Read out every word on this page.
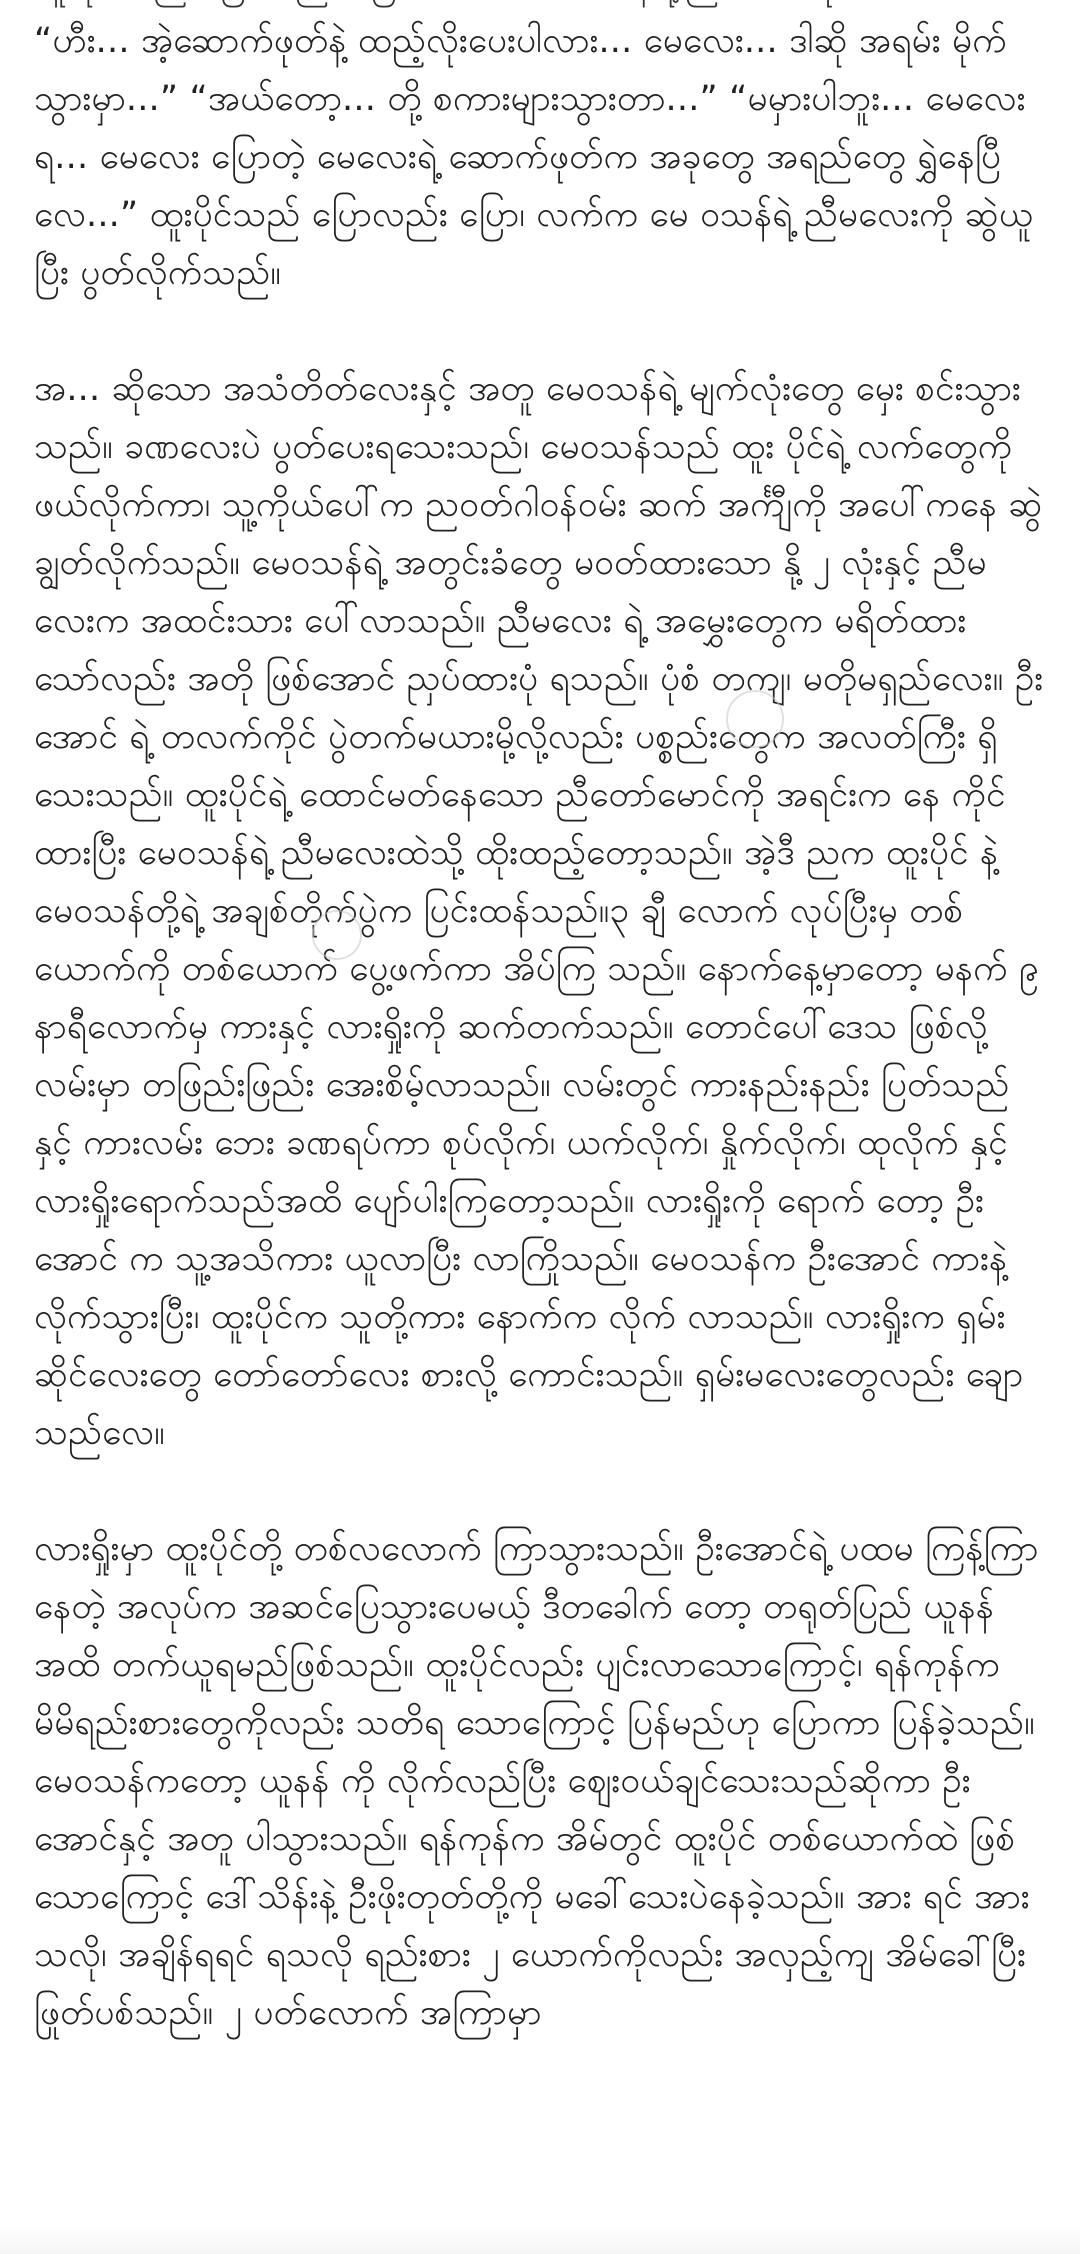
“ဟီး... အဲ့ဆောက်ဖုတ်နဲ့ ထည့်လိုးပေးပါလား... မေလေး... ဒါဆို အရမ်း မိုက်သွားမှာ...” “အယ်တော့... တို့ စကားများသွားတာ...” “မမှားပါဘူး... မေလေးရ... မေလေး ပြောတဲ့ မေလေးရဲ့ ဆောက်ဖုတ်က အခုတွေ အရည်တွေ ရွှဲနေပြီလေ...” ထူးပိုင်သည် ပြောလည်း ပြော၊ လက်က မေ ဝသန်ရဲ့ ညီမလေးကို ဆွဲယူပြီး ပွတ်လိုက်သည်။

အ... ဆိုသော အသံတိတ်လေးနှင့် အတူ မေဝသန်ရဲ့ မျက်လုံးတွေ မှေး စင်းသွားသည်။ ခဏလေးပဲ ပွတ်ပေးရသေးသည်၊ မေဝသန်သည် ထူး ပိုင်ရဲ့ လက်တွေကို ဖယ်လိုက်ကာ၊ သူ့ကိုယ်ပေါ်က ညဝတ်ဂါဝန်ဝမ်း ဆက် အင်္ကျီကို အပေါ်ကနေ ဆွဲချွတ်လိုက်သည်။ မေဝသန်ရဲ့ အတွင်းခံတွေ မဝတ်ထားသော နို့ ၂ လုံးနှင့် ညီမလေးက အထင်းသား ပေါ်လာသည်။ ညီမလေး ရဲ့ အမွှေးတွေက မရိတ်ထားသော်လည်း အတို ဖြစ်အောင် ညှပ်ထားပုံ ရသည်။ ပုံစံ တကျ၊ မတိုမရှည်လေး။ ဦးအောင် ရဲ့ တလက်ကိုင် ပွဲတက်မယားမို့လို့လည်း ပစ္စည်းတွေက အလတ်ကြီး ရှိ သေးသည်။ ထူးပိုင်ရဲ့ ထောင်မတ်နေသော ညီတော်မောင်ကို အရင်းက နေ ကိုင်ထားပြီး မေဝသန်ရဲ့ ညီမလေးထဲသို့ ထိုးထည့်တော့သည်။ အဲ့ဒီ ညက ထူးပိုင် နဲ့ မေဝသန်တို့ရဲ့ အချစ်တိုက်ပွဲက ပြင်းထန်သည်။၃ ချီ လောက် လုပ်ပြီးမှ တစ်ယောက်ကို တစ်ယောက် ပွေ့ဖက်ကာ အိပ်ကြ သည်။ နောက်နေ့မှာတော့ မနက် ၉ နာရီလောက်မှ ကားနှင့် လားရှိုးကို ဆက်တက်သည်။ တောင်ပေါ်ဒေသ ဖြစ်လို့ လမ်းမှာ တဖြည်းဖြည်း အေးစိမ့်လာသည်။ လမ်းတွင် ကားနည်းနည်း ပြတ်သည်နှင့် ကားလမ်း ဘေး ခဏရပ်ကာ စုပ်လိုက်၊ ယက်လိုက်၊ နှိုက်လိုက်၊ ထုလိုက် နှင့် လားရှိုးရောက်သည်အထိ ပျော်ပါးကြတော့သည်။ လားရှိုးကို ရောက် တော့ ဦးအောင် က သူ့အသိကား ယူလာပြီး လာကြိုသည်။ မေဝသန်က ဦးအောင် ကားနဲ့ လိုက်သွားပြီး၊ ထူးပိုင်က သူတို့ကား နောက်က လိုက် လာသည်။ လားရှိုးက ရှမ်းဆိုင်လေးတွေ တော်တော်လေး စားလို့ ကောင်းသည်။ ရှမ်းမလေးတွေလည်း ချောသည်လေ။

လားရှိုးမှာ ထူးပိုင်တို့ တစ်လလောက် ကြာသွားသည်။ ဦးအောင်ရဲ့ ပထမ ကြန့်ကြာနေတဲ့ အလုပ်က အဆင်ပြေသွားပေမယ့် ဒီတခေါက် တော့ တရုတ်ပြည် ယူနန်အထိ တက်ယူရမည်ဖြစ်သည်။ ထူးပိုင်လည်း ပျင်းလာသောကြောင့်၊ ရန်ကုန်က မိမိရည်းစားတွေကိုလည်း သတိရ သောကြောင့် ပြန်မည်ဟု ပြောကာ ပြန်ခဲ့သည်။ မေဝသန်ကတော့ ယူနန် ကို လိုက်လည်ပြီး ဈေးဝယ်ချင်သေးသည်ဆိုကာ ဦးအောင်နှင့် အတူ ပါသွားသည်။ ရန်ကုန်က အိမ်တွင် ထူးပိုင် တစ်ယောက်ထဲ ဖြစ် သောကြောင့် ဒေါ်သိန်းနဲ့ ဦးဖိုးတုတ်တို့ကို မခေါ်သေးပဲနေခဲ့သည်။ အား ရင် အားသလို၊ အချိန်ရရင် ရသလို ရည်းစား ၂ ယောက်ကိုလည်း အလှည့်ကျ အိမ်ခေါ်ပြီး ဖြုတ်ပစ်သည်။ ၂ ပတ်လောက် အကြာမှာ
